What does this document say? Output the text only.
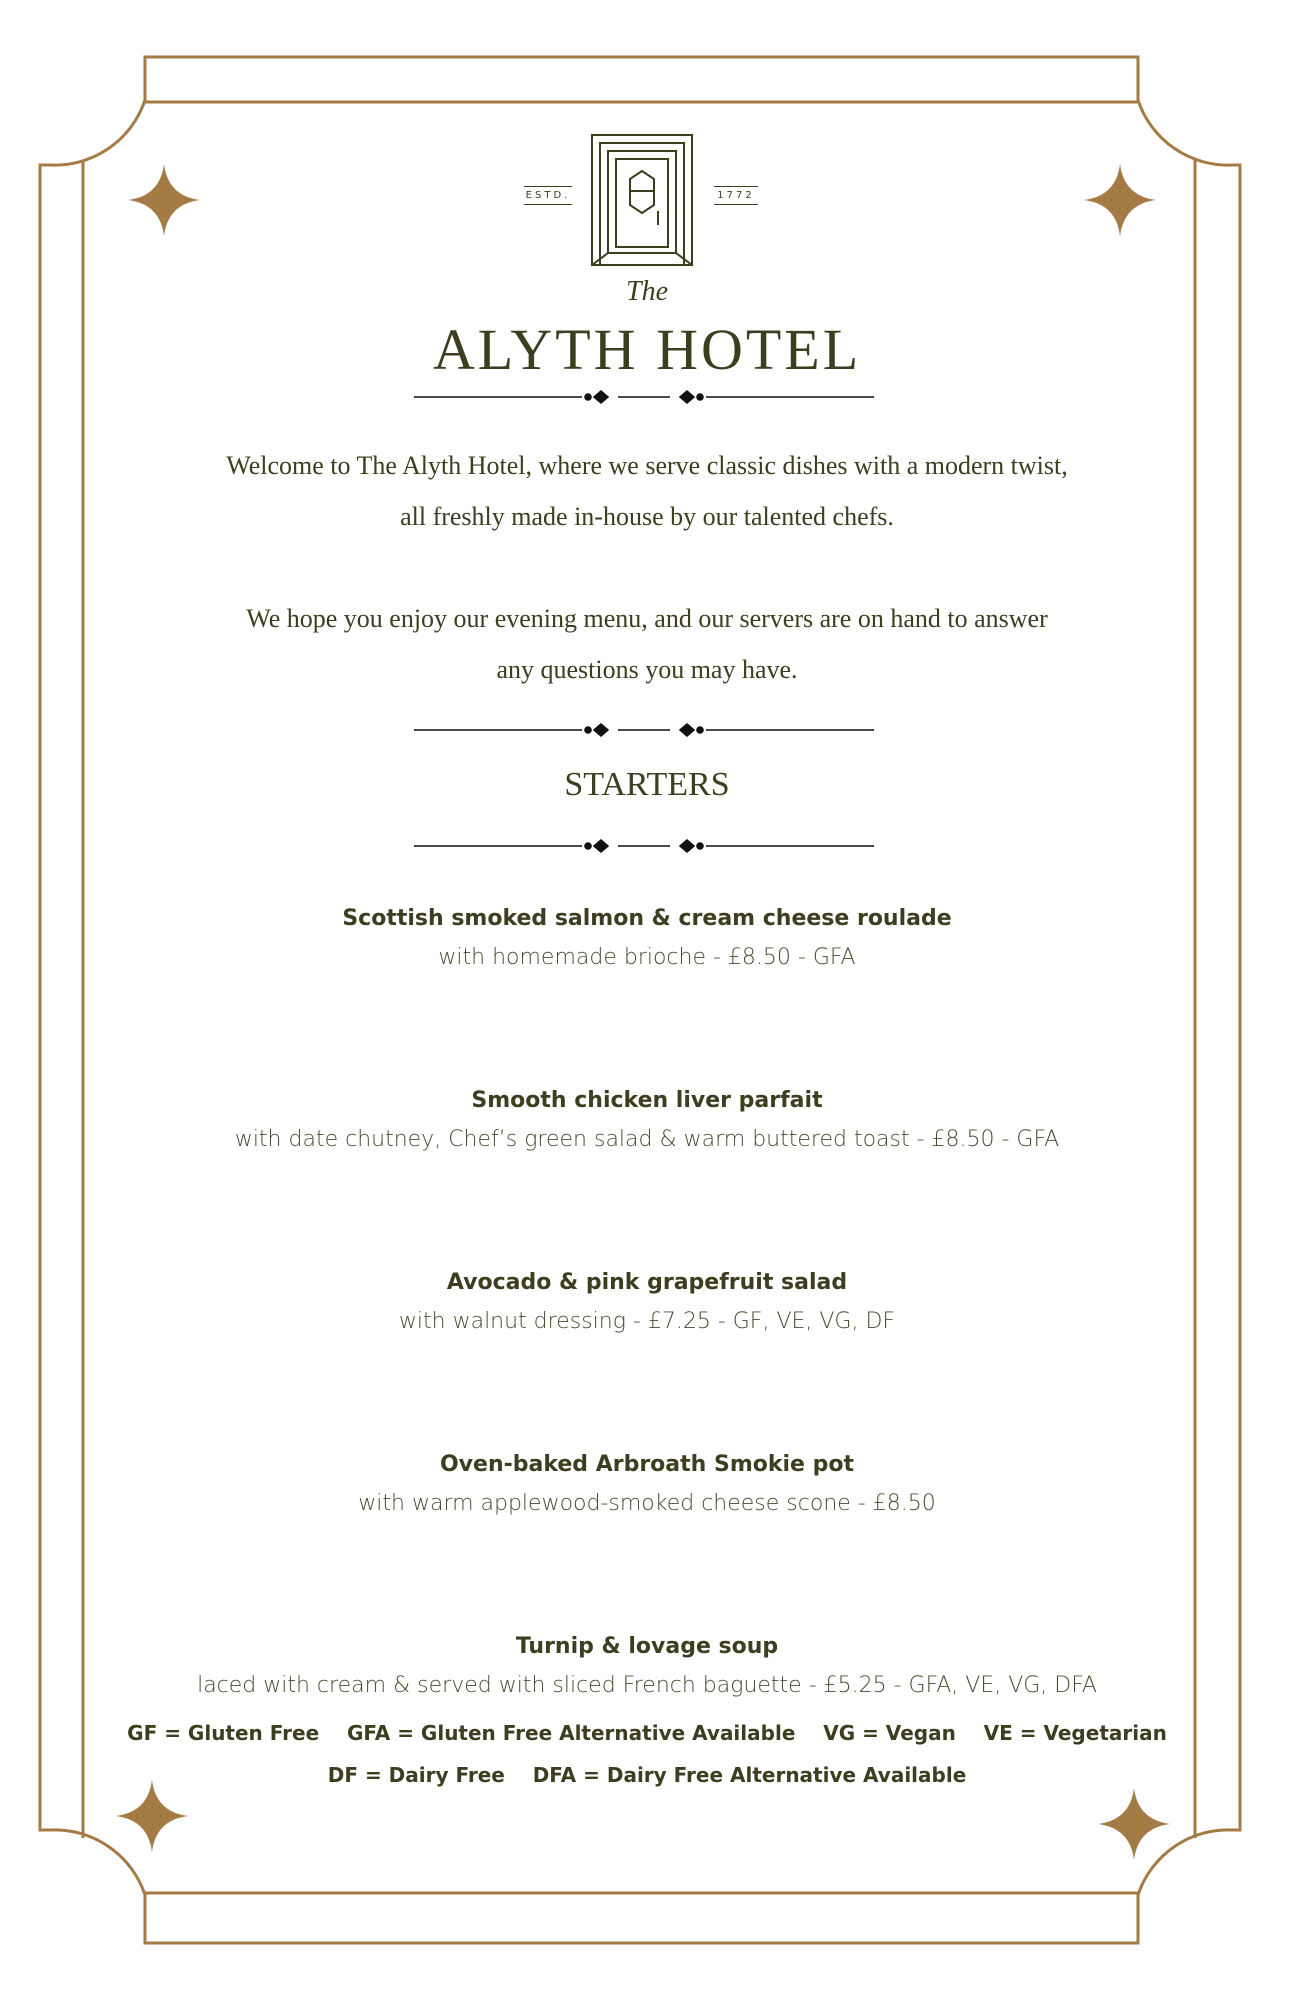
ESTD.	1772
The
ALYTH HOTEL

Welcome to The Alyth Hotel, where we serve classic dishes with a modern twist,

all freshly made in-house by our talented chefs.

We hope you enjoy our evening menu, and our servers are on hand to answer

any questions you may have.

STARTERS

Scottish smoked salmon & cream cheese roulade

with homemade brioche - £8.50 - GFA

Smooth chicken liver parfait

with date chutney, Chef’s green salad & warm buttered toast - £8.50 - GFA

Avocado & pink grapefruit salad

with walnut dressing - £7.25 - GF, VE, VG, DF

Oven-baked Arbroath Smokie pot

with warm applewood-smoked cheese scone - £8.50

Turnip & lovage soup

laced with cream & served with sliced French baguette - £5.25 - GFA, VE, VG, DFA

GF = Gluten Free    GFA = Gluten Free Alternative Available    VG = Vegan    VE = Vegetarian

DF = Dairy Free    DFA = Dairy Free Alternative Available
